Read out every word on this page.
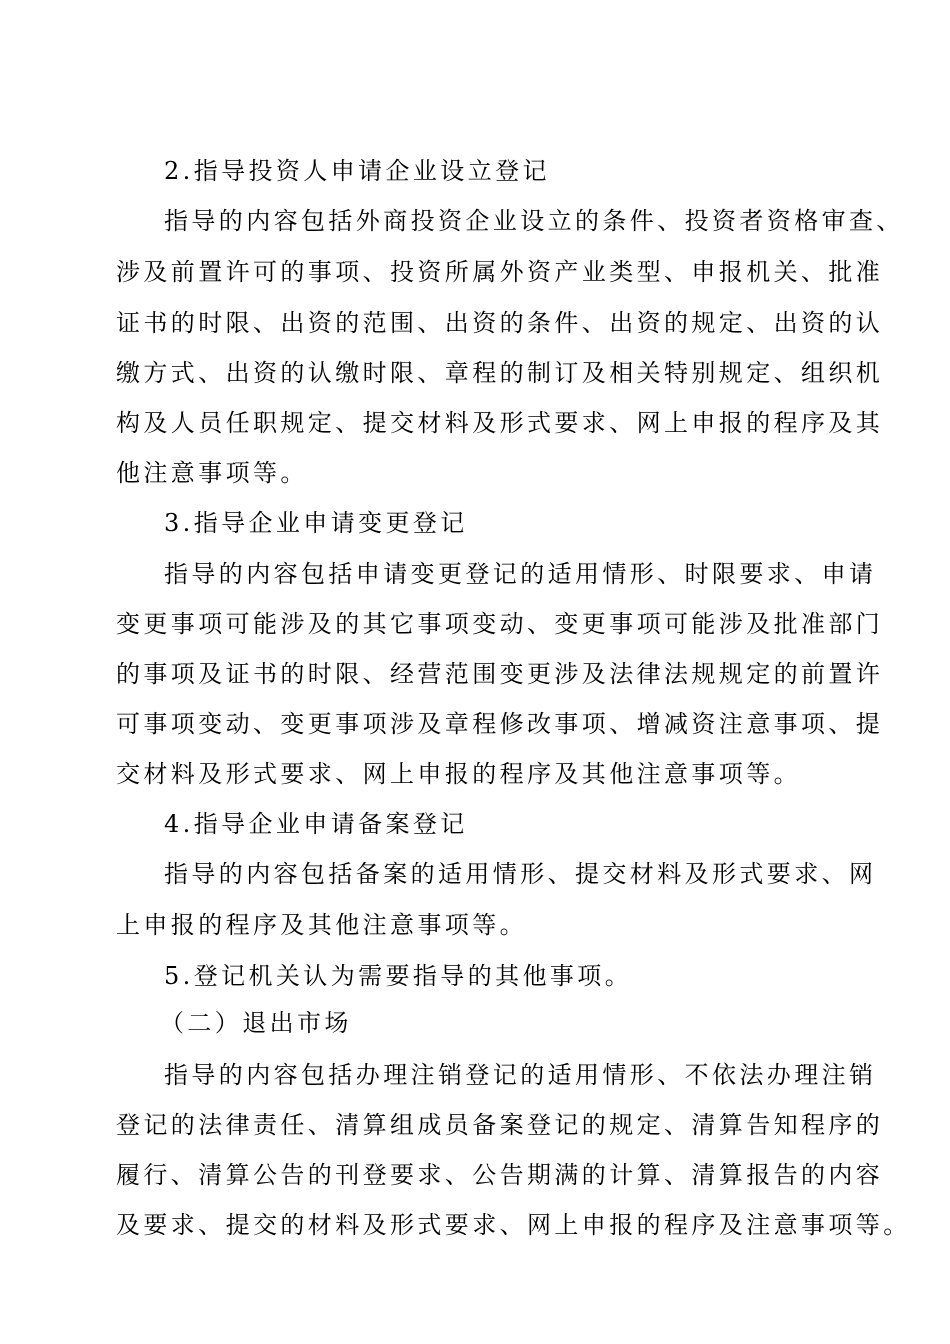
2.指导投资人申请企业设立登记
指导的内容包括外商投资企业设立的条件、投资者资格审查、
涉及前置许可的事项、投资所属外资产业类型、申报机关、批准
证书的时限、出资的范围、出资的条件、出资的规定、出资的认
缴方式、出资的认缴时限、章程的制订及相关特别规定、组织机
构及人员任职规定、提交材料及形式要求、网上申报的程序及其
他注意事项等。
3.指导企业申请变更登记
指导的内容包括申请变更登记的适用情形、时限要求、申请
变更事项可能涉及的其它事项变动、变更事项可能涉及批准部门
的事项及证书的时限、经营范围变更涉及法律法规规定的前置许
可事项变动、变更事项涉及章程修改事项、增减资注意事项、提
交材料及形式要求、网上申报的程序及其他注意事项等。
4.指导企业申请备案登记
指导的内容包括备案的适用情形、提交材料及形式要求、网
上申报的程序及其他注意事项等。
5.登记机关认为需要指导的其他事项。
（二）退出市场
指导的内容包括办理注销登记的适用情形、不依法办理注销
登记的法律责任、清算组成员备案登记的规定、清算告知程序的
履行、清算公告的刊登要求、公告期满的计算、清算报告的内容
及要求、提交的材料及形式要求、网上申报的程序及注意事项等。
